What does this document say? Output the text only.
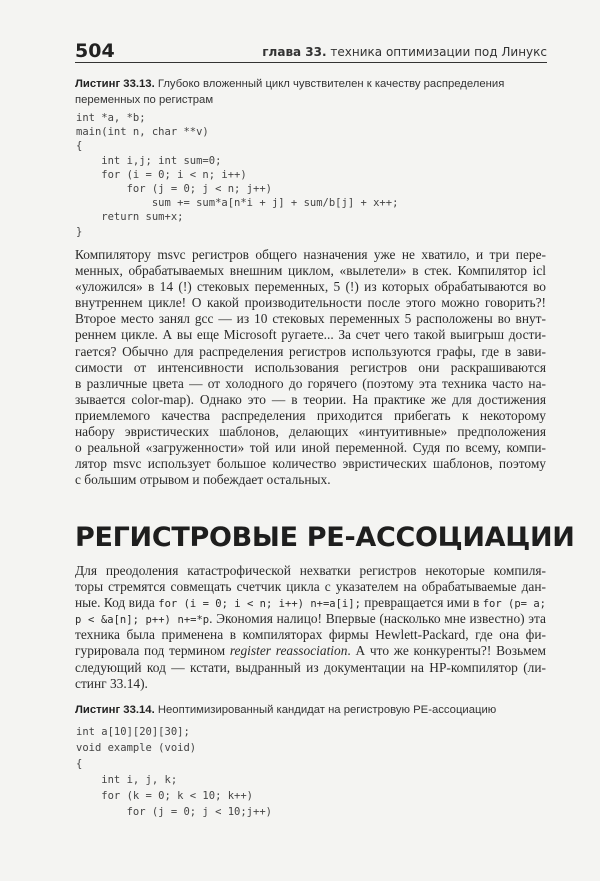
504	глава 33. техника оптимизации под Линукс
Листинг 33.13. Глубоко вложенный цикл чувствителен к качеству распределения переменных по регистрам
int *a, *b;
main(int n, char **v)
{
int i,j; int sum=0;
for (i = 0; i < n; i++)
for (j = 0; j < n; j++)
sum += sum*a[n*i + j] + sum/b[j] + x++;
return sum+x;
}
Компилятору msvc регистров общего назначения уже не хватило, и три пере-
менных, обрабатываемых внешним циклом, «вылетели» в стек. Компилятор icl
«уложился» в 14 (!) стековых переменных, 5 (!) из которых обрабатываются во
внутреннем цикле! О какой производительности после этого можно говорить?!
Второе место занял gcc — из 10 стековых переменных 5 расположены во внут-
реннем цикле. А вы еще Microsoft ругаете... За счет чего такой выигрыш дости-
гается? Обычно для распределения регистров используются графы, где в зави-
симости от интенсивности использования регистров они раскрашиваются
в различные цвета — от холодного до горячего (поэтому эта техника часто на-
зывается color-map). Однако это — в теории. На практике же для достижения
приемлемого качества распределения приходится прибегать к некоторому
набору эвристических шаблонов, делающих «интуитивные» предположения
о реальной «загруженности» той или иной переменной. Судя по всему, компи-
лятор msvc использует большое количество эвристических шаблонов, поэтому
с большим отрывом и побеждает остальных.
РЕГИСТРОВЫЕ РЕ-АССОЦИАЦИИ
Для преодоления катастрофической нехватки регистров некоторые компиля-
торы стремятся совмещать счетчик цикла с указателем на обрабатываемые дан-
ные. Код вида for (i = 0; i < n; i++) n+=a[i]; превращается ими в for (p= a;
p < &a[n]; p++) n+=*p. Экономия налицо! Впервые (насколько мне известно) эта
техника была применена в компиляторах фирмы Hewlett-Packard, где она фи-
гурировала под термином register reassociation. А что же конкуренты?! Возьмем
следующий код — кстати, выдранный из документации на HP-компилятор (ли-
стинг 33.14).
Листинг 33.14. Неоптимизированный кандидат на регистровую РЕ-ассоциацию
int a[10][20][30];
void example (void)
{
int i, j, k;
for (k = 0; k < 10; k++)
for (j = 0; j < 10;j++)
